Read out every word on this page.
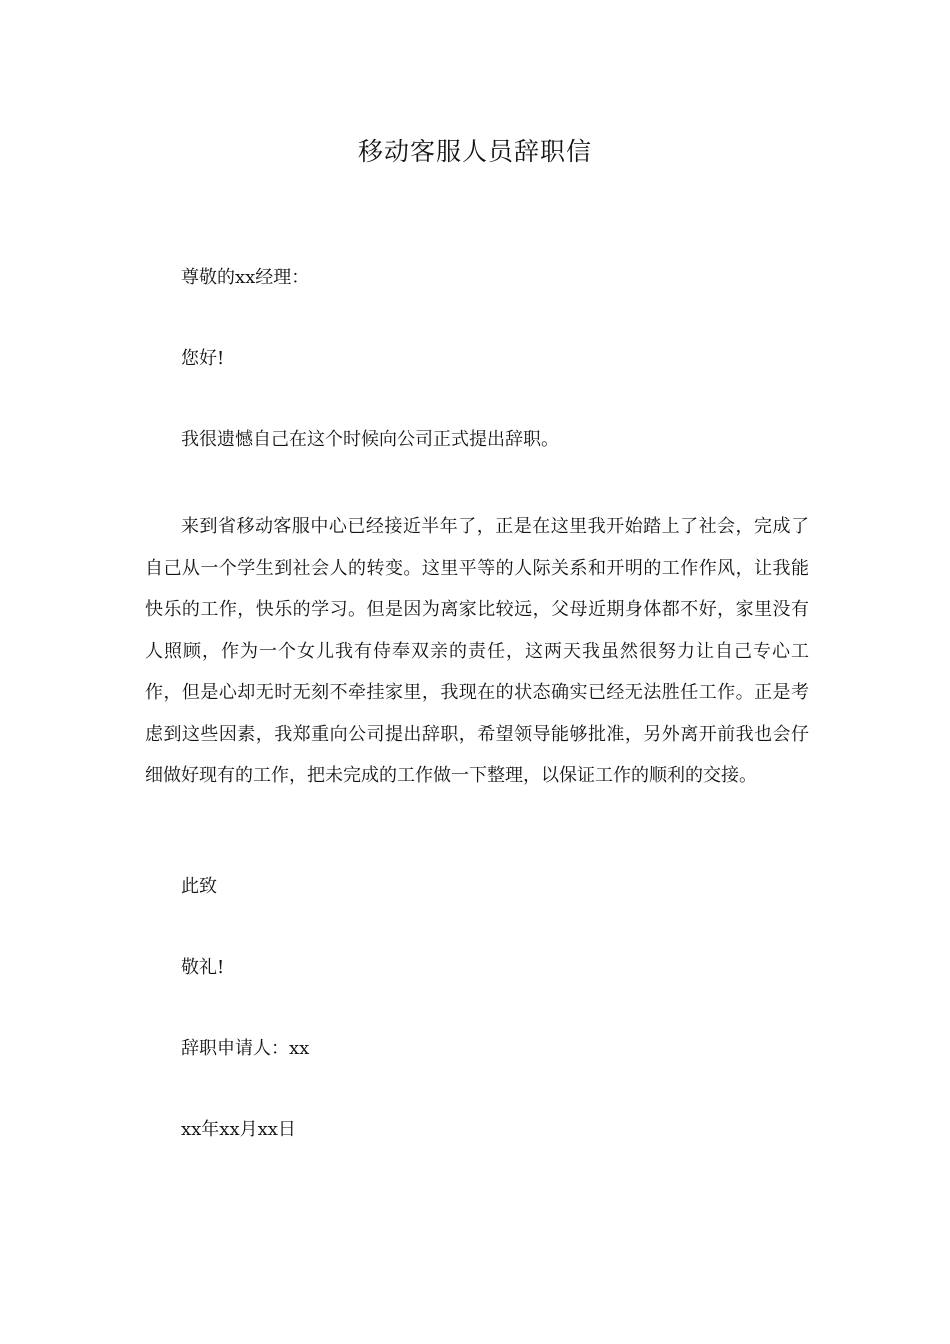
移动客服人员辞职信
尊敬的xx经理：
您好!
我很遗憾自己在这个时候向公司正式提出辞职。
来到省移动客服中心已经接近半年了，正是在这里我开始踏上了社会，完成了自己从一个学生到社会人的转变。这里平等的人际关系和开明的工作作风，让我能快乐的工作，快乐的学习。但是因为离家比较远，父母近期身体都不好，家里没有人照顾，作为一个女儿我有侍奉双亲的责任，这两天我虽然很努力让自己专心工作，但是心却无时无刻不牵挂家里，我现在的状态确实已经无法胜任工作。正是考虑到这些因素，我郑重向公司提出辞职，希望领导能够批准，另外离开前我也会仔细做好现有的工作，把未完成的工作做一下整理，以保证工作的顺利的交接。
此致
敬礼!
辞职申请人：xx
xx年xx月xx日
